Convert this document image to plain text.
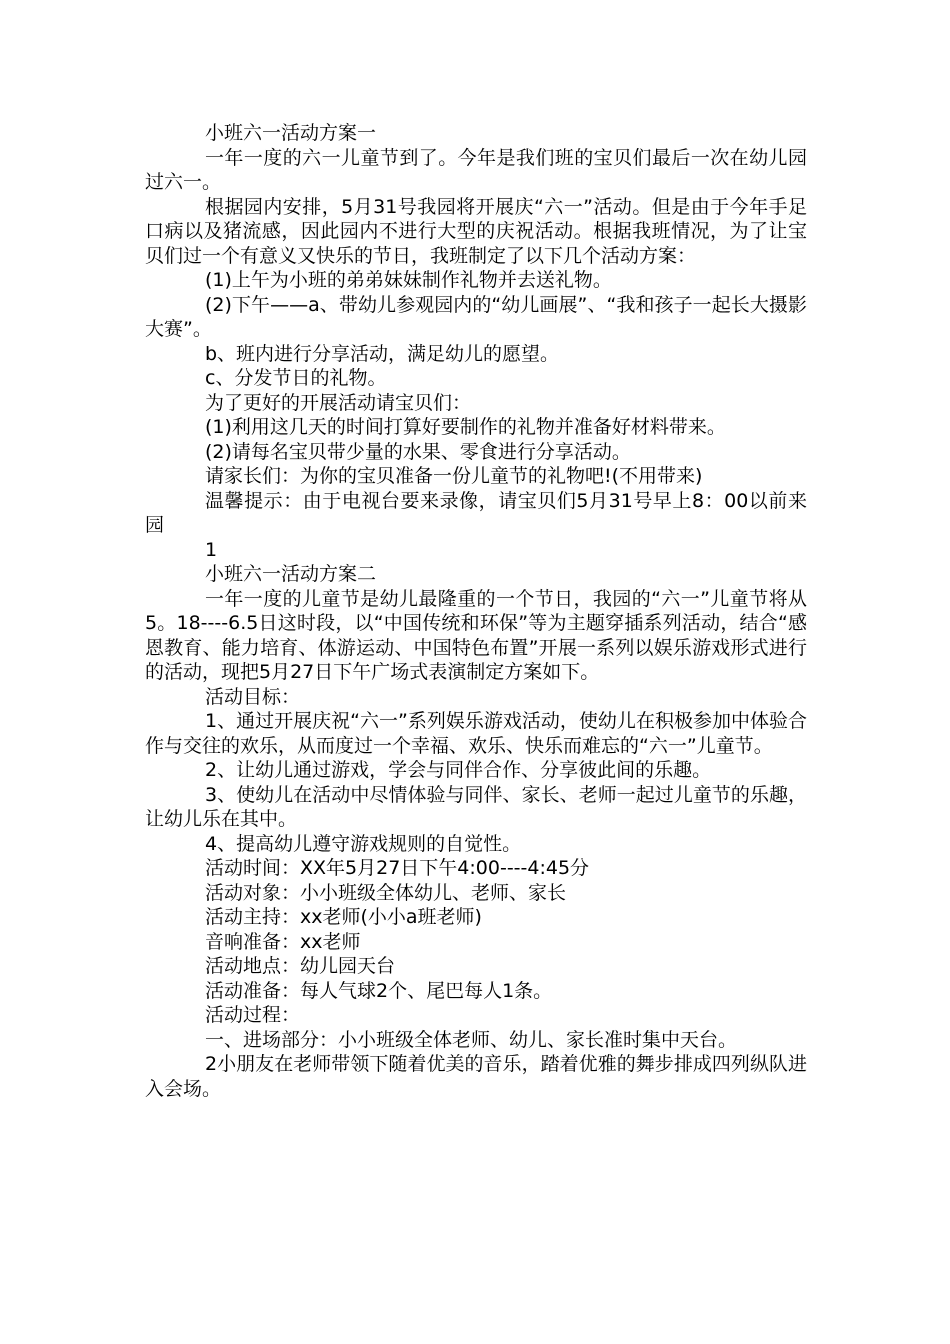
小班六一活动方案一

一年一度的六一儿童节到了。今年是我们班的宝贝们最后一次在幼儿园过六一。

根据园内安排，5月31号我园将开展庆“六一”活动。但是由于今年手足口病以及猪流感，因此园内不进行大型的庆祝活动。根据我班情况，为了让宝贝们过一个有意义又快乐的节日，我班制定了以下几个活动方案：

(1)上午为小班的弟弟妹妹制作礼物并去送礼物。

(2)下午——a、带幼儿参观园内的“幼儿画展”、“我和孩子一起长大摄影大赛”。

b、班内进行分享活动，满足幼儿的愿望。

c、分发节日的礼物。

为了更好的开展活动请宝贝们：

(1)利用这几天的时间打算好要制作的礼物并准备好材料带来。

(2)请每名宝贝带少量的水果、零食进行分享活动。

请家长们：为你的宝贝准备一份儿童节的礼物吧!(不用带来)

温馨提示：由于电视台要来录像，请宝贝们5月31号早上8：00以前来园

1

小班六一活动方案二

一年一度的儿童节是幼儿最隆重的一个节日，我园的“六一”儿童节将从5。18----6.5日这时段，以“中国传统和环保”等为主题穿插系列活动，结合“感恩教育、能力培育、体游运动、中国特色布置”开展一系列以娱乐游戏形式进行的活动，现把5月27日下午广场式表演制定方案如下。

活动目标：

1、通过开展庆祝“六一”系列娱乐游戏活动，使幼儿在积极参加中体验合作与交往的欢乐，从而度过一个幸福、欢乐、快乐而难忘的“六一”儿童节。

2、让幼儿通过游戏，学会与同伴合作、分享彼此间的乐趣。

3、使幼儿在活动中尽情体验与同伴、家长、老师一起过儿童节的乐趣，让幼儿乐在其中。

4、提高幼儿遵守游戏规则的自觉性。

活动时间：XX年5月27日下午4:00----4:45分

活动对象：小小班级全体幼儿、老师、家长

活动主持：xx老师(小小a班老师)

音响准备：xx老师

活动地点：幼儿园天台

活动准备：每人气球2个、尾巴每人1条。

活动过程：

一、进场部分：小小班级全体老师、幼儿、家长准时集中天台。

2小朋友在老师带领下随着优美的音乐，踏着优雅的舞步排成四列纵队进入会场。
